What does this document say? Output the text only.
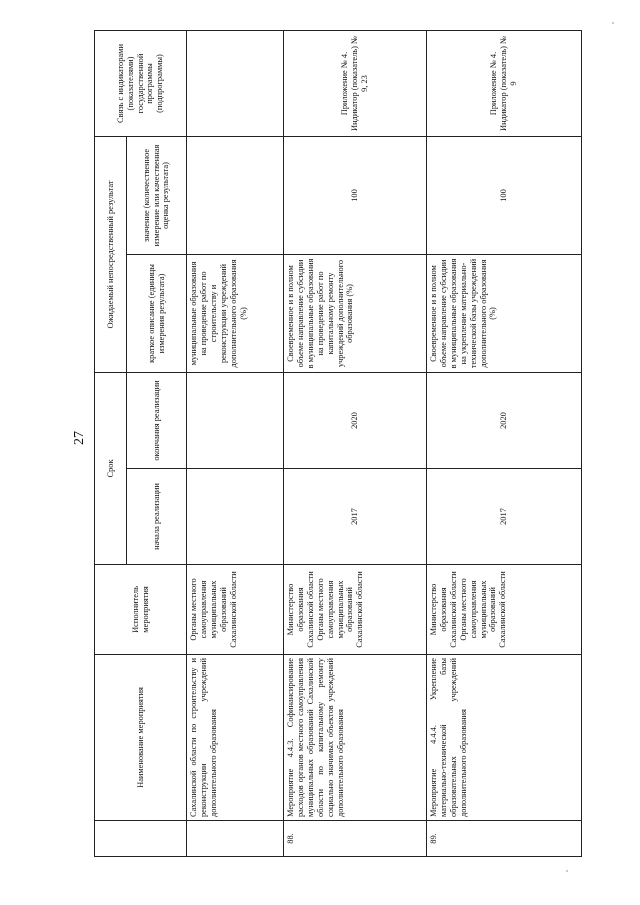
27
	Наименование мероприятия	Исполнитель мероприятия	Срок		Ожидаемый непосредственный результат		Связь с индикаторами (показателями) государственной программы (подпрограммы)
			начала реализации	окончания реализации	краткое описание (единицы измерения результата)	значение (количественное измерение или качественная оценка результата)	
	Сахалинской области по строительству и реконструкции учреждений дополнительного образования	Органы местного самоуправления муниципальных образований Сахалинской области			муниципальные образования на проведение работ по строительству и реконструкции учреждений дополнительного образования (%)		
88.	Мероприятие 4.4.3. Софинансирование расходов органов местного самоуправления муниципальных образований Сахалинской области по капитальному ремонту социально значимых объектов учреждений дополнительного образования	Министерство образования Сахалинской области Органы местного самоуправления муниципальных образований Сахалинской области	2017	2020	Своевременное и в полном объеме направление субсидии в муниципальные образования на проведение работ по капитальному ремонту учреждений дополнительного образования (%)	100	Приложение № 4. Индикатор (показатель) № 9, 23
89.	Мероприятие 4.4.4. Укрепление материально-технической базы образовательных учреждений дополнительного образования	Министерство образования Сахалинской области Органы местного самоуправления муниципальных образований Сахалинской области	2017	2020	Своевременное и в полном объеме направление субсидии в муниципальные образования на укрепление материально-технической базы учреждений дополнительного образования (%)	100	Приложение № 4. Индикатор (показатель) № 9
